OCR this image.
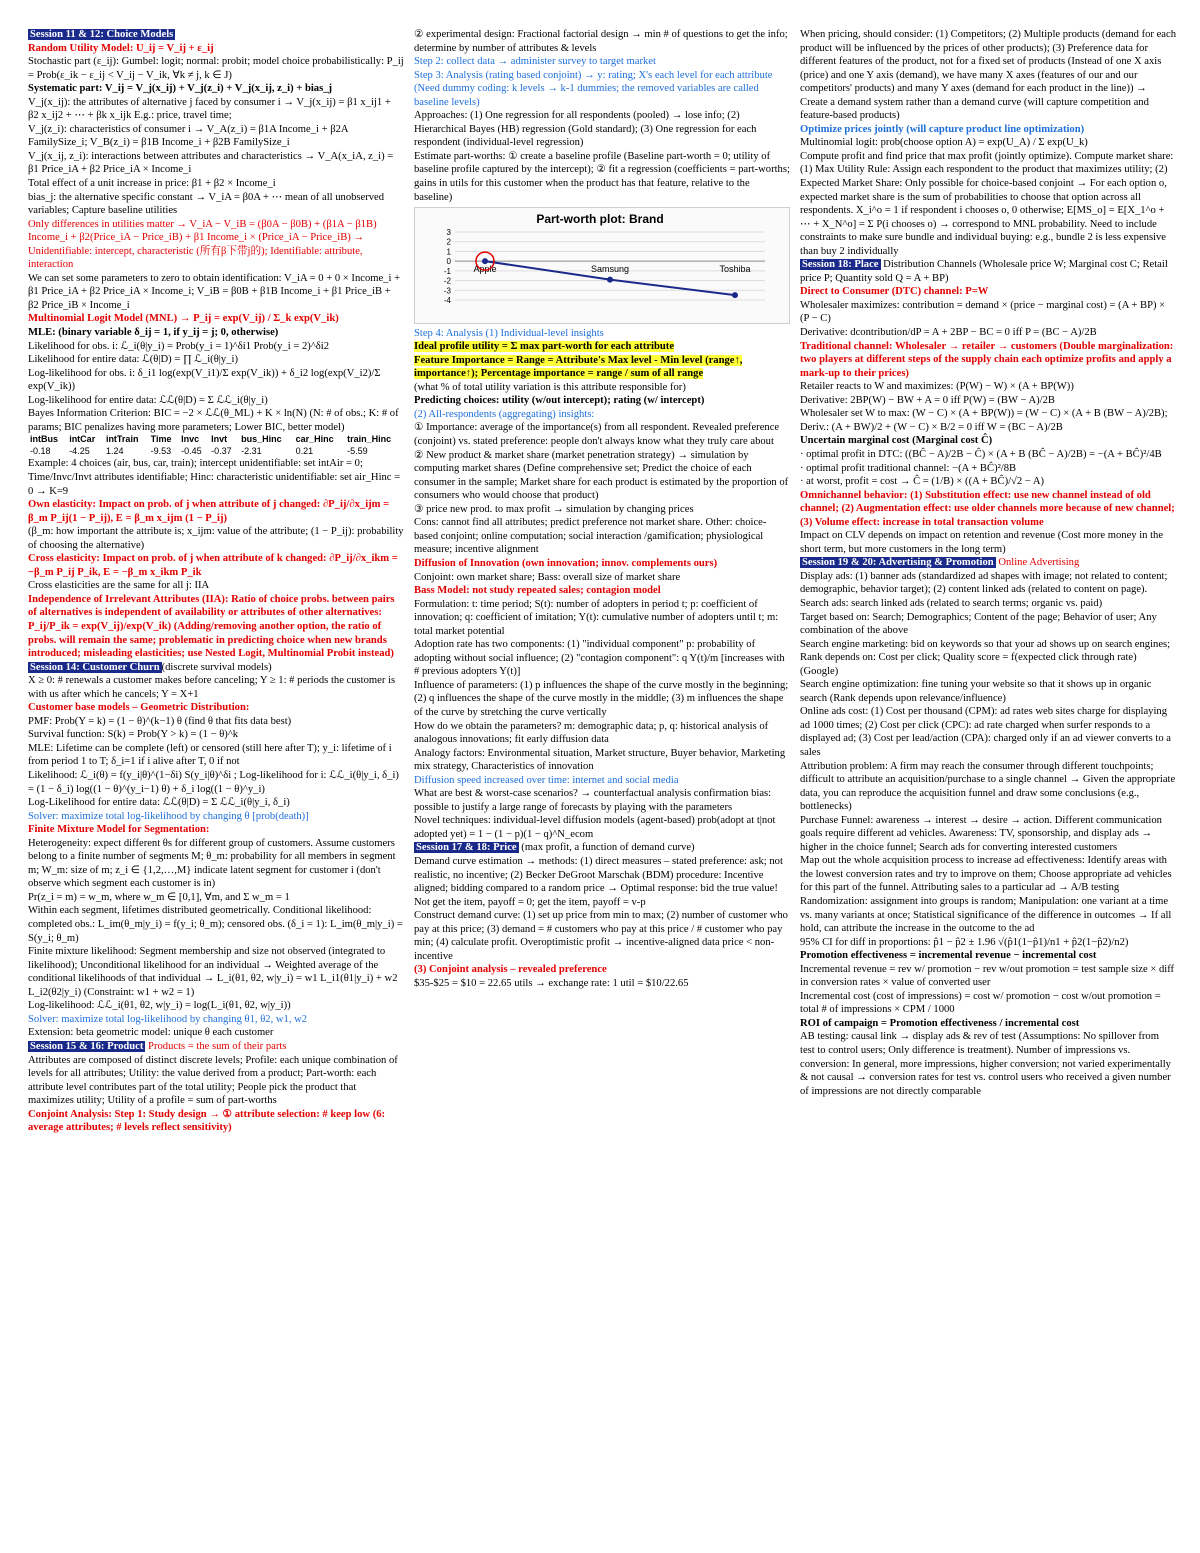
Session 11 & 12: Choice Models
Random Utility Model: U_ij = V_ij + ε_ij
Stochastic part (ε_ij): Gumbel: logit; normal: probit; model choice probabilistically: P_ij = Prob(ε_ik − ε_ij < V_ij − V_ik, ∀k ≠ j, k ∈ J)
Systematic part: V_ij = V_j(x_ij) + V_j(z_i) + V_j(x_ij, z_i) + bias_j
V_j(x_ij): the attributes of alternative j faced by consumer i → V_j(x_ij) = β1 x_ij1 + β2 x_ij2 + ⋯ + βk x_ijk E.g.: price, travel time;
V_j(z_i): characteristics of consumer i → V_A(z_i) = β1A Income_i + β2A FamilySize_i; V_B(z_i) = β1B Income_i + β2B FamilySize_i
V_j(x_ij, z_i): interactions between attributes and characteristics → V_A(x_iA, z_i) = β1 Price_iA + β2 Price_iA × Income_i
Total effect of a unit increase in price: β1 + β2 × Income_i
bias_j: the alternative specific constant → V_iA = β0A + ⋯ mean of all unobserved variables; Capture baseline utilities
Only differences in utilities matter → V_iA − V_iB = (β0A − β0B) + (β1A − β1B) Income_i + β2(Price_iA − Price_iB) + β1 Income_i × (Price_iA − Price_iB) → Unidentifiable: intercept, characteristic (所有β下带j的); Identifiable: attribute, interaction
We can set some parameters to zero to obtain identification: V_iA = 0 + 0 × Income_i + β1 Price_iA + β2 Price_iA × Income_i; V_iB = β0B + β1B Income_i + β1 Price_iB + β2 Price_iB × Income_i
Multinomial Logit Model (MNL) → P_ij = exp(V_ij) / Σ_k exp(V_ik)
MLE: (binary variable δ_ij = 1, if y_ij = j; 0, otherwise)
Likelihood for obs. i: ℒ_i(θ|y_i) = Prob(y_i = 1)^δi1 Prob(y_i = 2)^δi2
Likelihood for entire data: ℒ(θ|D) = ∏ ℒ_i(θ|y_i)
Log-likelihood for obs. i: δ_i1 log(exp(V_i1)/Σ exp(V_ik)) + δ_i2 log(exp(V_i2)/Σ exp(V_ik))
Log-likelihood for entire data: ℒℒ(θ|D) = Σ ℒℒ_i(θ|y_i)
Bayes Information Criterion: BIC = −2 × ℒℒ(θ_ML) + K × ln(N) (N: # of obs.; K: # of params; BIC penalizes having more parameters; Lower BIC, better model)
intBus	intCar	intTrain	Time	Invc	Invt	bus_Hinc	car_Hinc	train_Hinc
-0.18	-4.25	1.24	-9.53	-0.45	-0.37	-2.31	0.21	-5.59
Example: 4 choices (air, bus, car, train); intercept unidentifiable: set intAir = 0; Time/Invc/Invt attributes identifiable; Hinc: characteristic unidentifiable: set air_Hinc = 0 → K=9
Own elasticity: Impact on prob. of j when attribute of j changed: ∂P_ij/∂x_ijm = β_m P_ij(1 − P_ij), E = β_m x_ijm (1 − P_ij)
(β_m: how important the attribute is; x_ijm: value of the attribute; (1 − P_ij): probability of choosing the alternative)
Cross elasticity: Impact on prob. of j when attribute of k changed: ∂P_ij/∂x_ikm = −β_m P_ij P_ik, E = −β_m x_ikm P_ik
Cross elasticities are the same for all j: IIA
Independence of Irrelevant Attributes (IIA): Ratio of choice probs. between pairs of alternatives is independent of availability or attributes of other alternatives: P_ij/P_ik = exp(V_ij)/exp(V_ik) (Adding/removing another option, the ratio of probs. will remain the same; problematic in predicting choice when new brands introduced; misleading elasticities; use Nested Logit, Multinomial Probit instead)
Session 14: Customer Churn (discrete survival models)
X ≥ 0: # renewals a customer makes before canceling; Y ≥ 1: # periods the customer is with us after which he cancels; Y = X+1
Customer base models – Geometric Distribution:
PMF: Prob(Y = k) = (1 − θ)^(k−1) θ (find θ that fits data best)
Survival function: S(k) = Prob(Y > k) = (1 − θ)^k
MLE: Lifetime can be complete (left) or censored (still here after T); y_i: lifetime of i from period 1 to T; δ_i=1 if i alive after T, 0 if not
Likelihood: ℒ_i(θ) = f(y_i|θ)^(1−δi) S(y_i|θ)^δi ; Log-likelihood for i: ℒℒ_i(θ|y_i, δ_i) = (1 − δ_i) log((1 − θ)^(y_i−1) θ) + δ_i log((1 − θ)^y_i)
Log-Likelihood for entire data: ℒℒ(θ|D) = Σ ℒℒ_i(θ|y_i, δ_i)
Solver: maximize total log-likelihood by changing θ [prob(death)]
Finite Mixture Model for Segmentation:
Heterogeneity: expect different θs for different group of customers. Assume customers belong to a finite number of segments M; θ_m: probability for all members in segment m; W_m: size of m; z_i ∈ {1,2,…,M} indicate latent segment for customer i (don't observe which segment each customer is in)
Pr(z_i = m) = w_m, where w_m ∈ [0,1], ∀m, and Σ w_m = 1
Within each segment, lifetimes distributed geometrically. Conditional likelihood: completed obs.: L_im(θ_m|y_i) = f(y_i; θ_m); censored obs. (δ_i = 1): L_im(θ_m|y_i) = S(y_i; θ_m)
Finite mixture likelihood: Segment membership and size not observed (integrated to likelihood); Unconditional likelihood for an individual → Weighted average of the conditional likelihoods of that individual → L_i(θ1, θ2, w|y_i) = w1 L_i1(θ1|y_i) + w2 L_i2(θ2|y_i) (Constraint: w1 + w2 = 1)
Log-likelihood: ℒℒ_i(θ1, θ2, w|y_i) = log(L_i(θ1, θ2, w|y_i))
Solver: maximize total log-likelihood by changing θ1, θ2, w1, w2
Extension: beta geometric model: unique θ each customer
Session 15 & 16: Product Products = the sum of their parts
Attributes are composed of distinct discrete levels; Profile: each unique combination of levels for all attributes; Utility: the value derived from a product; Part-worth: each attribute level contributes part of the total utility; People pick the product that maximizes utility; Utility of a profile = sum of part-worths
Conjoint Analysis: Step 1: Study design → ① attribute selection: # keep low (6: average attributes; # levels reflect sensitivity)
② experimental design: Fractional factorial design → min # of questions to get the info; determine by number of attributes & levels
Step 2: collect data → administer survey to target market
Step 3: Analysis (rating based conjoint) → y: rating; X's each level for each attribute (Need dummy coding: k levels → k-1 dummies; the removed variables are called baseline levels)
Approaches: (1) One regression for all respondents (pooled) → lose info; (2) Hierarchical Bayes (HB) regression (Gold standard); (3) One regression for each respondent (individual-level regression)
Estimate part-worths: ① create a baseline profile (Baseline part-worth = 0; utility of baseline profile captured by the intercept); ② fit a regression (coefficients = part-worths; gains in utils for this customer when the product has that feature, relative to the baseline)
Part-worth plot: Brand
-4
-3
-2
-1
0
1
2
3
Apple	Samsung	Toshiba
Step 4: Analysis (1) Individual-level insights
Ideal profile utility = Σ max part-worth for each attribute
Feature Importance = Range = Attribute's Max level - Min level (range↑, importance↑); Percentage importance = range / sum of all range
(what % of total utility variation is this attribute responsible for)
Predicting choices: utility (w/out intercept); rating (w/ intercept)
(2) All-respondents (aggregating) insights:
① Importance: average of the importance(s) from all respondent. Revealed preference (conjoint) vs. stated preference: people don't always know what they truly care about
② New product & market share (market penetration strategy) → simulation by computing market shares (Define comprehensive set; Predict the choice of each consumer in the sample; Market share for each product is estimated by the proportion of consumers who would choose that product)
③ price new prod. to max profit → simulation by changing prices
Cons: cannot find all attributes; predict preference not market share. Other: choice-based conjoint; online computation; social interaction /gamification; physiological measure; incentive alignment
Diffusion of Innovation (own innovation; innov. complements ours)
Conjoint: own market share; Bass: overall size of market share
Bass Model: not study repeated sales; contagion model
Formulation: t: time period; S(t): number of adopters in period t; p: coefficient of innovation; q: coefficient of imitation; Y(t): cumulative number of adopters until t; m: total market potential
Adoption rate has two components: (1) "individual component" p: probability of adopting without social influence; (2) "contagion component": q Y(t)/m [increases with # previous adopters Y(t)]
Influence of parameters: (1) p influences the shape of the curve mostly in the beginning; (2) q influences the shape of the curve mostly in the middle; (3) m influences the shape of the curve by stretching the curve vertically
How do we obtain the parameters? m: demographic data; p, q: historical analysis of analogous innovations; fit early diffusion data
Analogy factors: Environmental situation, Market structure, Buyer behavior, Marketing mix strategy, Characteristics of innovation
Diffusion speed increased over time: internet and social media
What are best & worst-case scenarios? → counterfactual analysis confirmation bias: possible to justify a large range of forecasts by playing with the parameters
Novel techniques: individual-level diffusion models (agent-based) prob(adopt at t|not adopted yet) = 1 − (1 − p)(1 − q)^N_ecom
Session 17 & 18: Price (max profit, a function of demand curve)
Demand curve estimation → methods: (1) direct measures – stated preference: ask; not realistic, no incentive; (2) Becker DeGroot Marschak (BDM) procedure: Incentive aligned; bidding compared to a random price → Optimal response: bid the true value! Not get the item, payoff = 0; get the item, payoff = v-p
Construct demand curve: (1) set up price from min to max; (2) number of customer who pay at this price; (3) demand = # customers who pay at this price / # customer who pay min; (4) calculate profit. Overoptimistic profit → incentive-aligned data price < non-incentive
(3) Conjoint analysis – revealed preference
$35-$25 = $10 = 22.65 utils → exchange rate: 1 util = $10/22.65
When pricing, should consider: (1) Competitors; (2) Multiple products (demand for each product will be influenced by the prices of other products); (3) Preference data for different features of the product, not for a fixed set of products (Instead of one X axis (price) and one Y axis (demand), we have many X axes (features of our and our competitors' products) and many Y axes (demand for each product in the line)) → Create a demand system rather than a demand curve (will capture competition and feature-based products)
Optimize prices jointly (will capture product line optimization)
Multinomial logit: prob(choose option A) = exp(U_A) / Σ exp(U_k)
Compute profit and find price that max profit (jointly optimize). Compute market share: (1) Max Utility Rule: Assign each respondent to the product that maximizes utility; (2) Expected Market Share: Only possible for choice-based conjoint → For each option o, expected market share is the sum of probabilities to choose that option across all respondents. X_i^o = 1 if respondent i chooses o, 0 otherwise; E[MS_o] = E[X_1^o + ⋯ + X_N^o] = Σ P(i chooses o) → correspond to MNL probability. Need to include constraints to make sure bundle and individual buying: e.g., bundle 2 is less expensive than buy 2 individually
Session 18: Place Distribution Channels (Wholesale price W; Marginal cost C; Retail price P; Quantity sold Q = A + BP)
Direct to Consumer (DTC) channel: P=W
Wholesaler maximizes: contribution = demand × (price − marginal cost) = (A + BP) × (P − C)
Derivative: dcontribution/dP = A + 2BP − BC = 0 iff P = (BC − A)/2B
Traditional channel: Wholesaler → retailer → customers (Double marginalization: two players at different steps of the supply chain each optimize profits and apply a mark-up to their prices)
Retailer reacts to W and maximizes: (P(W) − W) × (A + BP(W))
Derivative: 2BP(W) − BW + A = 0 iff P(W) = (BW − A)/2B
Wholesaler set W to max: (W − C) × (A + BP(W)) = (W − C) × (A + B (BW − A)/2B); Deriv.: (A + BW)/2 + (W − C) × B/2 = 0 iff W = (BC − A)/2B
Uncertain marginal cost (Marginal cost Ĉ)
· optimal profit in DTC: ((BĈ − A)/2B − Ĉ) × (A + B (BĈ − A)/2B) = −(A + BĈ)²/4B
· optimal profit traditional channel: −(A + BĈ)²/8B
· at worst, profit = cost → Ĉ = (1/B) × ((A + BĈ)/√2 − A)
Omnichannel behavior: (1) Substitution effect: use new channel instead of old channel; (2) Augmentation effect: use older channels more because of new channel; (3) Volume effect: increase in total transaction volume
Impact on CLV depends on impact on retention and revenue (Cost more money in the short term, but more customers in the long term)
Session 19 & 20: Advertising & Promotion Online Advertising
Display ads: (1) banner ads (standardized ad shapes with image; not related to content; demographic, behavior target); (2) content linked ads (related to content on page). Search ads: search linked ads (related to search terms; organic vs. paid)
Target based on: Search; Demographics; Content of the page; Behavior of user; Any combination of the above
Search engine marketing: bid on keywords so that your ad shows up on search engines; Rank depends on: Cost per click; Quality score = f(expected click through rate) (Google)
Search engine optimization: fine tuning your website so that it shows up in organic search (Rank depends upon relevance/influence)
Online ads cost: (1) Cost per thousand (CPM): ad rates web sites charge for displaying ad 1000 times; (2) Cost per click (CPC): ad rate charged when surfer responds to a displayed ad; (3) Cost per lead/action (CPA): charged only if an ad viewer converts to a sales
Attribution problem: A firm may reach the consumer through different touchpoints; difficult to attribute an acquisition/purchase to a single channel → Given the appropriate data, you can reproduce the acquisition funnel and draw some conclusions (e.g., bottlenecks)
Purchase Funnel: awareness → interest → desire → action. Different communication goals require different ad vehicles. Awareness: TV, sponsorship, and display ads → higher in the choice funnel; Search ads for converting interested customers
Map out the whole acquisition process to increase ad effectiveness: Identify areas with the lowest conversion rates and try to improve on them; Choose appropriate ad vehicles for this part of the funnel. Attributing sales to a particular ad → A/B testing
Randomization: assignment into groups is random; Manipulation: one variant at a time vs. many variants at once; Statistical significance of the difference in outcomes → If all hold, can attribute the increase in the outcome to the ad
95% CI for diff in proportions: p̂1 − p̂2 ± 1.96 √(p̂1(1−p̂1)/n1 + p̂2(1−p̂2)/n2)
Promotion effectiveness = incremental revenue − incremental cost
Incremental revenue = rev w/ promotion − rev w/out promotion = test sample size × diff in conversion rates × value of converted user
Incremental cost (cost of impressions) = cost w/ promotion − cost w/out promotion = total # of impressions × CPM / 1000
ROI of campaign = Promotion effectiveness / incremental cost
AB testing: causal link → display ads & rev of test (Assumptions: No spillover from test to control users; Only difference is treatment). Number of impressions vs. conversion: In general, more impressions, higher conversion; not varied experimentally & not causal → conversion rates for test vs. control users who received a given number of impressions are not directly comparable
